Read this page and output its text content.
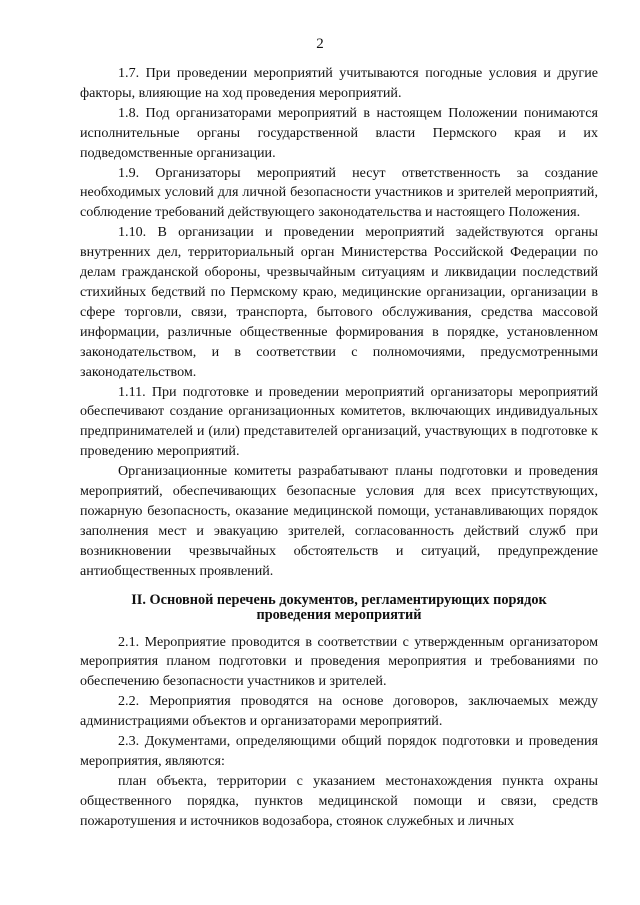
2

1.7. При проведении мероприятий учитываются погодные условия и другие факторы, влияющие на ход проведения мероприятий.

1.8. Под организаторами мероприятий в настоящем Положении понимаются исполнительные органы государственной власти Пермского края и их подведомственные организации.

1.9. Организаторы мероприятий несут ответственность за создание необходимых условий для личной безопасности участников и зрителей мероприятий, соблюдение требований действующего законодательства и настоящего Положения.

1.10. В организации и проведении мероприятий задействуются органы внутренних дел, территориальный орган Министерства Российской Федерации по делам гражданской обороны, чрезвычайным ситуациям и ликвидации последствий стихийных бедствий по Пермскому краю, медицинские организации, организации в сфере торговли, связи, транспорта, бытового обслуживания, средства массовой информации, различные общественные формирования в порядке, установленном законодательством, и в соответствии с полномочиями, предусмотренными законодательством.

1.11. При подготовке и проведении мероприятий организаторы мероприятий обеспечивают создание организационных комитетов, включающих индивидуальных предпринимателей и (или) представителей организаций, участвующих в подготовке к проведению мероприятий.

Организационные комитеты разрабатывают планы подготовки и проведения мероприятий, обеспечивающих безопасные условия для всех присутствующих, пожарную безопасность, оказание медицинской помощи, устанавливающих порядок заполнения мест и эвакуацию зрителей, согласованность действий служб при возникновении чрезвычайных обстоятельств и ситуаций, предупреждение антиобщественных проявлений.

II. Основной перечень документов, регламентирующих порядок
проведения мероприятий

2.1. Мероприятие проводится в соответствии с утвержденным организатором мероприятия планом подготовки и проведения мероприятия и требованиями по обеспечению безопасности участников и зрителей.

2.2. Мероприятия проводятся на основе договоров, заключаемых между администрациями объектов и организаторами мероприятий.

2.3. Документами, определяющими общий порядок подготовки и проведения мероприятия, являются:

план объекта, территории с указанием местонахождения пункта охраны общественного порядка, пунктов медицинской помощи и связи, средств пожаротушения и источников водозабора, стоянок служебных и личных
